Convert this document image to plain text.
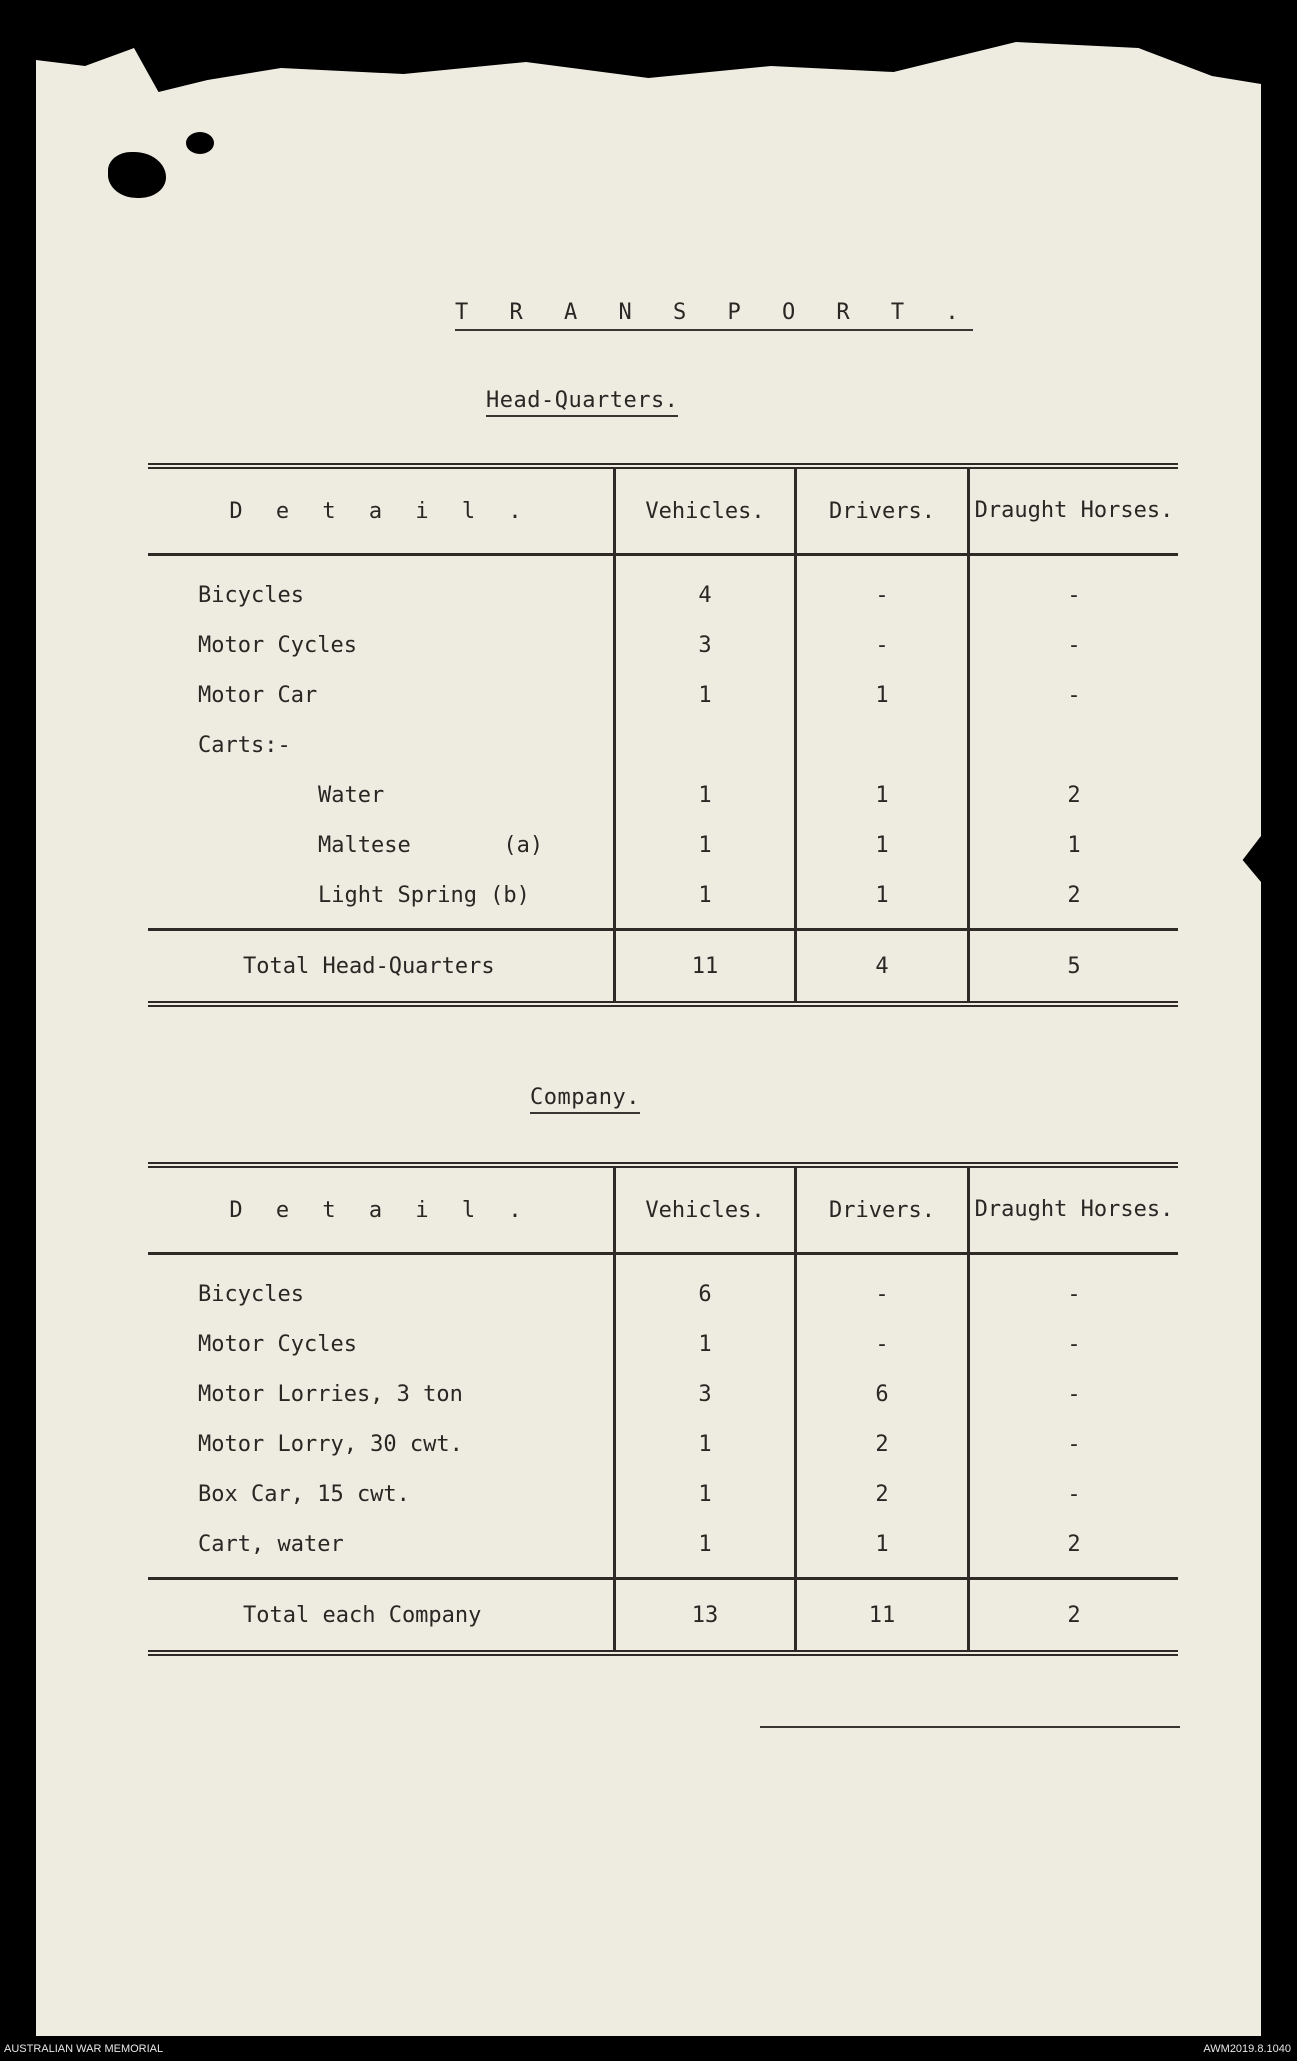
T R A N S P O R T .
Head-Quarters.
D e t a i l .	Vehicles.	Drivers.	Draught Horses.
Bicycles	4	-	-
Motor Cycles	3	-	-
Motor Car	1	1	-
Carts:-			
Water	1	1	2
Maltese       (a)	1	1	1
Light Spring (b)	1	1	2
Total Head-Quarters	11	4	5
Company.
D e t a i l .	Vehicles.	Drivers.	Draught Horses.
Bicycles	6	-	-
Motor Cycles	1	-	-
Motor Lorries, 3 ton	3	6	-
Motor Lorry, 30 cwt.	1	2	-
Box Car, 15 cwt.	1	2	-
Cart, water	1	1	2
Total each Company	13	11	2
AUSTRALIAN WAR MEMORIAL	AWM2019.8.1040
